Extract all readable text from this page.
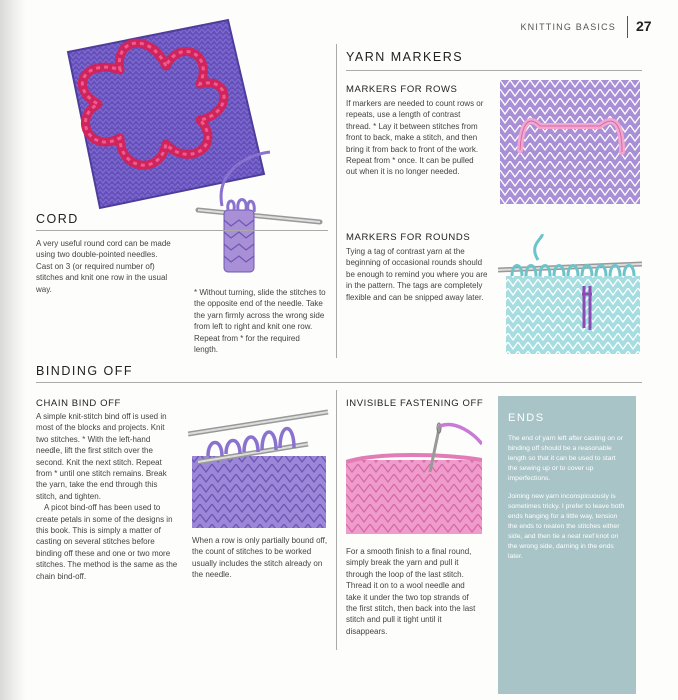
KNITTING BASICS 27
CORD

A very useful round cord can be made using two double-pointed needles.

Cast on 3 (or required number of) stitches and knit one row in the usual way.	* Without turning, slide the stitches to the opposite end of the needle. Take the yarn firmly across the wrong side from left to right and knit one row. Repeat from * for the required length.

YARN MARKERS
MARKERS FOR ROWS

If markers are needed to count rows or repeats, use a length of contrast thread. * Lay it between stitches from front to back, make a stitch, and then bring it from back to front of the work. Repeat from * once. It can be pulled out when it is no longer needed.

MARKERS FOR ROUNDS

Tying a tag of contrast yarn at the beginning of occasional rounds should be enough to remind you where you are in the pattern. The tags are completely flexible and can be snipped away later.

BINDING OFF
CHAIN BIND OFF

A simple knit-stitch bind off is used in most of the blocks and projects. Knit two stitches. * With the left-hand needle, lift the first stitch over the second. Knit the next stitch. Repeat from * until one stitch remains. Break the yarn, take the end through this stitch, and tighten.

A picot bind-off has been used to create petals in some of the designs in this book. This is simply a matter of casting on several stitches before binding off these and one or two more stitches. The method is the same as the chain bind-off.

When a row is only partially bound off, the count of stitches to be worked usually includes the stitch already on the needle.

INVISIBLE FASTENING OFF

For a smooth finish to a final round, simply break the yarn and pull it through the loop of the last stitch. Thread it on to a wool needle and take it under the two top strands of the first stitch, then back into the last stitch and pull it tight until it disappears.

ENDS

The end of yarn left after casting on or binding off should be a reasonable length so that it can be used to start the sewing up or to cover up imperfections.

Joining new yarn inconspicuously is sometimes tricky. I prefer to leave both ends hanging for a little way, tension the ends to neaten the stitches either side, and then tie a neat reef knot on the wrong side, darning in the ends later.
